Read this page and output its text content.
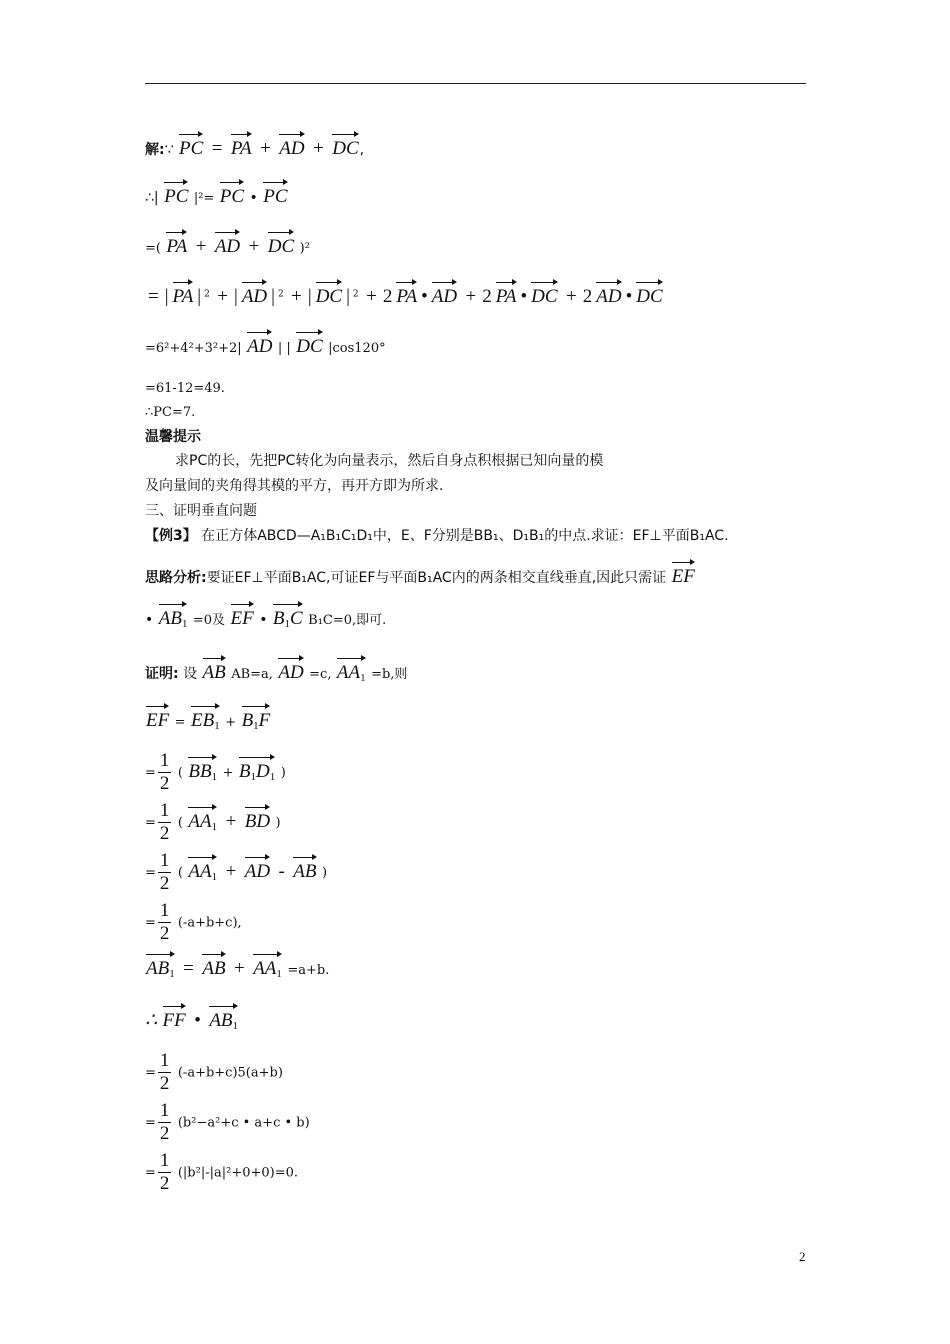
解:∵ PC = PA + AD + DC,
∴| PC |²= PC • PC
=( PA + AD + DC )²
= | PA | $^2$ + | AD | $^2$ + | DC | $^2$ + 2 PA • AD + 2 PA • DC + 2 AD • DC
=6²+4²+3²+2| AD | | DC |cos120°
=61-12=49.
∴PC=7.
温馨提示
求PC的长，先把PC转化为向量表示，然后自身点积根据已知向量的模
及向量间的夹角得其模的平方，再开方即为所求.
三、证明垂直问题
【例3】 在正方体ABCD—A₁B₁C₁D₁中，E、F分别是BB₁、D₁B₁的中点.求证：EF⊥平面B₁AC.
思路分析:要证EF⊥平面B₁AC,可证EF与平面B₁AC内的两条相交直线垂直,因此只需证 EF
• $AB_1 =0$及 EF • $B_1C$ B₁C=0,即可.
证明: 设 AB AB=a, AD =c, $AA_1 =b$,则
EF = $EB_1 + B_1F$
= $\frac{1}{2}$ ( $BB_1 + B_1D_1$ )
= $\frac{1}{2}$ ( $AA_1$ + BD )
= $\frac{1}{2}$ ( $AA_1$ + AD - AB )
= $\frac{1}{2} (-a+b+c)$,
$AB_1$ = AB + $AA_1 =a+b$.
∴ FF • $AB_1$
= $\frac{1}{2} (-a+b+c)5(a+b)$
= $\frac{1}{2} (b^2-a^2+c$ • a+c • b)
= $\frac{1}{2} (|b^2|-|a|^2+0+0)=0$.
2
